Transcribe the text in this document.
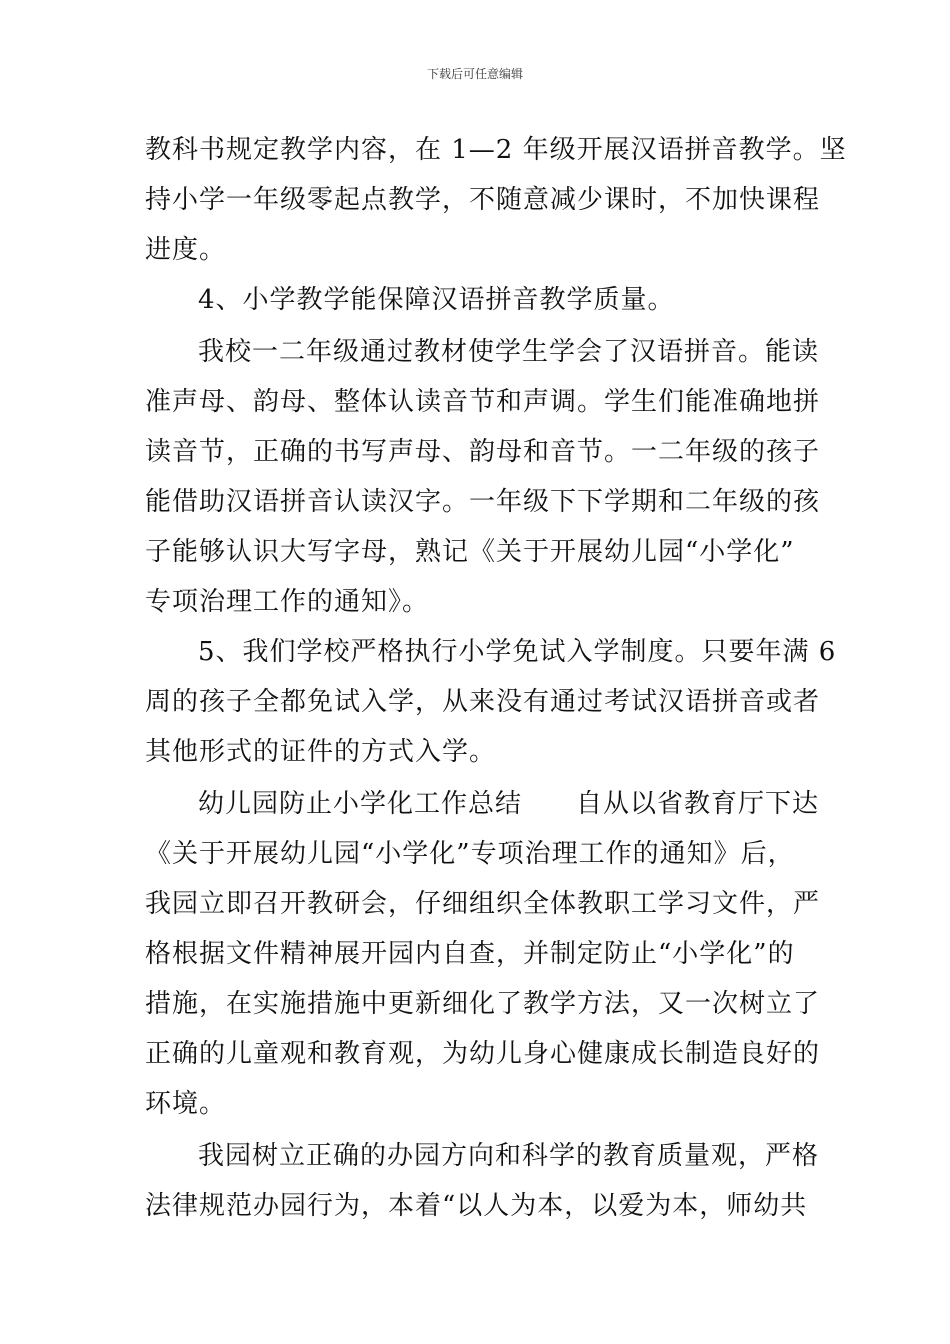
下载后可任意编辑
教科书规定教学内容，在 1—2 年级开展汉语拼音教学。坚
持小学一年级零起点教学，不随意减少课时，不加快课程
进度。
4、小学教学能保障汉语拼音教学质量。
我校一二年级通过教材使学生学会了汉语拼音。能读
准声母、韵母、整体认读音节和声调。学生们能准确地拼
读音节，正确的书写声母、韵母和音节。一二年级的孩子
能借助汉语拼音认读汉字。一年级下下学期和二年级的孩
子能够认识大写字母，熟记《关于开展幼儿园“小学化”
专项治理工作的通知》。
5、我们学校严格执行小学免试入学制度。只要年满 6
周的孩子全都免试入学，从来没有通过考试汉语拼音或者
其他形式的证件的方式入学。
幼儿园防止小学化工作总结　　自从以省教育厅下达
《关于开展幼儿园“小学化”专项治理工作的通知》后，
我园立即召开教研会，仔细组织全体教职工学习文件，严
格根据文件精神展开园内自查，并制定防止“小学化”的
措施，在实施措施中更新细化了教学方法，又一次树立了
正确的儿童观和教育观，为幼儿身心健康成长制造良好的
环境。
我园树立正确的办园方向和科学的教育质量观，严格
法律规范办园行为，本着“以人为本，以爱为本，师幼共
